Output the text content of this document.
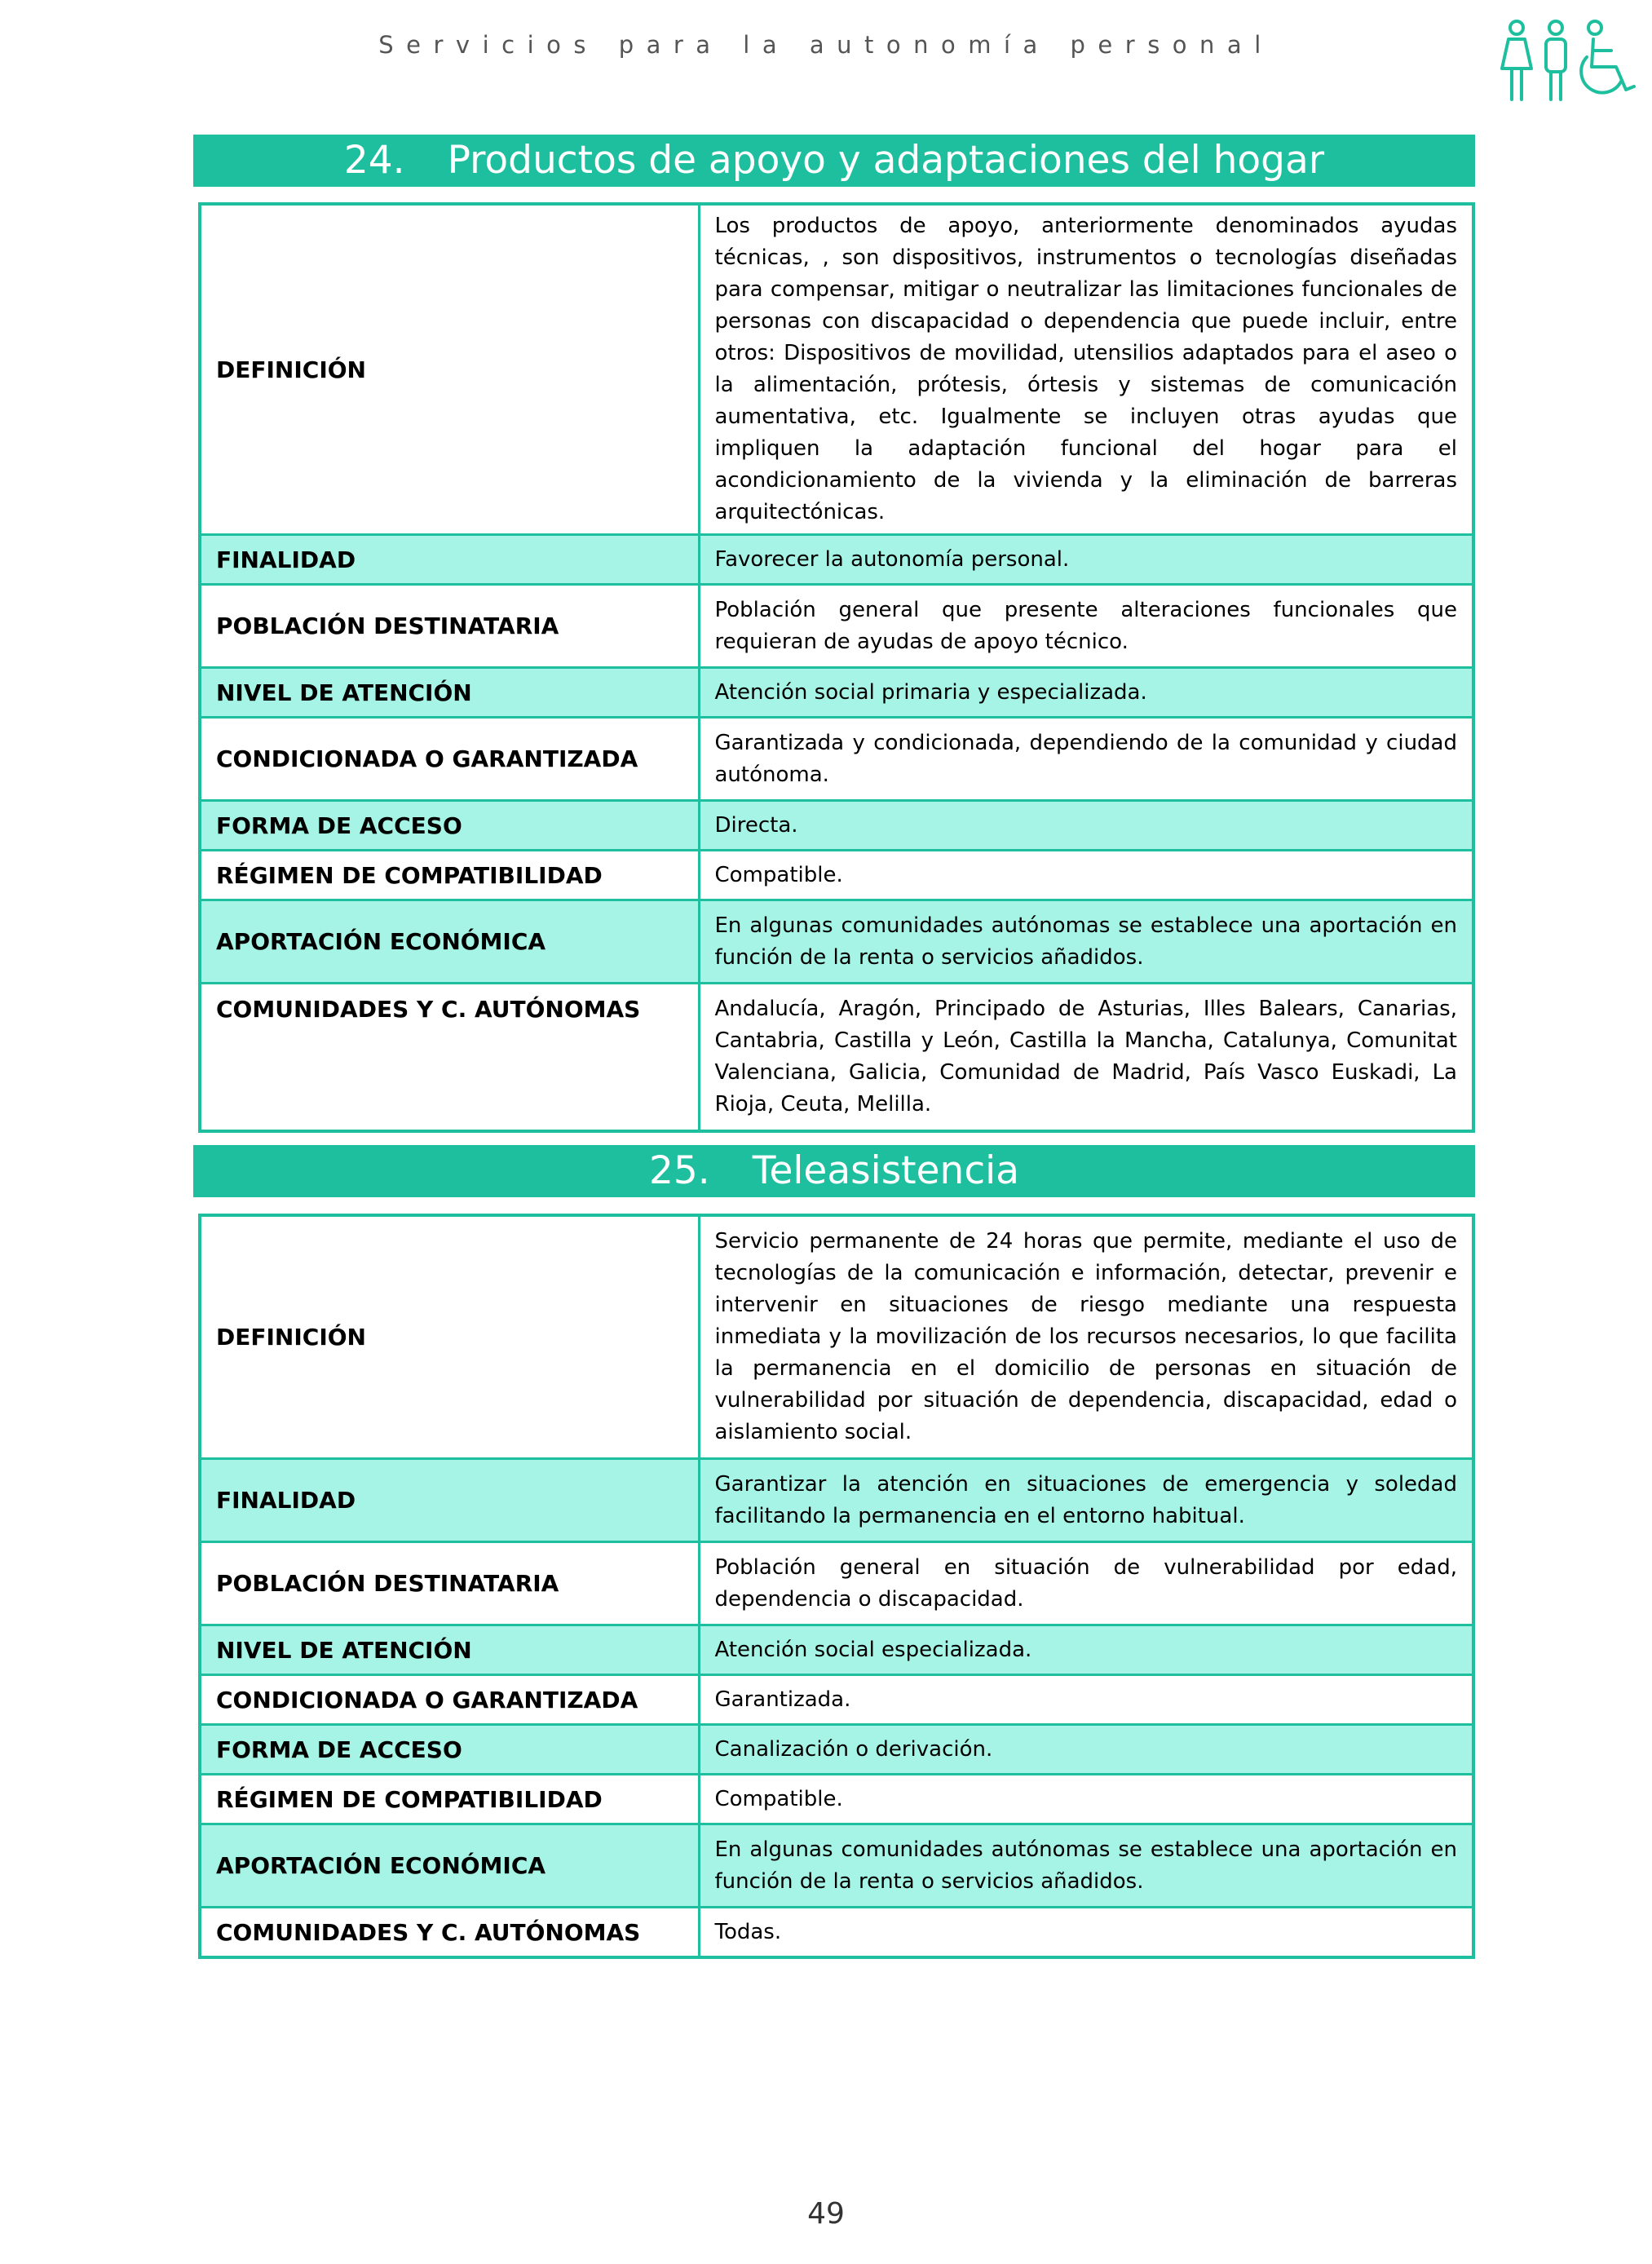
Servicios para la autonomía personal
24. Productos de apoyo y adaptaciones del hogar
DEFINICIÓN	Los productos de apoyo, anteriormente denominados ayudas técnicas, , son dispositivos, instrumentos o tecnologías diseñadas para compensar, mitigar o neutralizar las limitaciones funcionales de personas con discapacidad o dependencia que puede incluir, entre otros: Dispositivos de movilidad, utensilios adaptados para el aseo o la alimentación, prótesis, órtesis y sistemas de comunicación aumentativa, etc. Igualmente se incluyen otras ayudas que impliquen la adaptación funcional del hogar para el acondicionamiento de la vivienda y la eliminación de barreras arquitectónicas.
FINALIDAD	Favorecer la autonomía personal.
POBLACIÓN DESTINATARIA	Población general que presente alteraciones funcionales que requieran de ayudas de apoyo técnico.
NIVEL DE ATENCIÓN	Atención social primaria y especializada.
CONDICIONADA O GARANTIZADA	Garantizada y condicionada, dependiendo de la comunidad y ciudad autónoma.
FORMA DE ACCESO	Directa.
RÉGIMEN DE COMPATIBILIDAD	Compatible.
APORTACIÓN ECONÓMICA	En algunas comunidades autónomas se establece una aportación en función de la renta o servicios añadidos.
COMUNIDADES Y C. AUTÓNOMAS	Andalucía, Aragón, Principado de Asturias, Illes Balears, Canarias, Cantabria, Castilla y León, Castilla la Mancha, Catalunya, Comunitat Valenciana, Galicia, Comunidad de Madrid, País Vasco Euskadi, La Rioja, Ceuta, Melilla.
25. Teleasistencia
DEFINICIÓN	Servicio permanente de 24 horas que permite, mediante el uso de tecnologías de la comunicación e información, detectar, prevenir e intervenir en situaciones de riesgo mediante una respuesta inmediata y la movilización de los recursos necesarios, lo que facilita la permanencia en el domicilio de personas en situación de vulnerabilidad por situación de dependencia, discapacidad, edad o aislamiento social.
FINALIDAD	Garantizar la atención en situaciones de emergencia y soledad facilitando la permanencia en el entorno habitual.
POBLACIÓN DESTINATARIA	Población general en situación de vulnerabilidad por edad, dependencia o discapacidad.
NIVEL DE ATENCIÓN	Atención social especializada.
CONDICIONADA O GARANTIZADA	Garantizada.
FORMA DE ACCESO	Canalización o derivación.
RÉGIMEN DE COMPATIBILIDAD	Compatible.
APORTACIÓN ECONÓMICA	En algunas comunidades autónomas se establece una aportación en función de la renta o servicios añadidos.
COMUNIDADES Y C. AUTÓNOMAS	Todas.
49
